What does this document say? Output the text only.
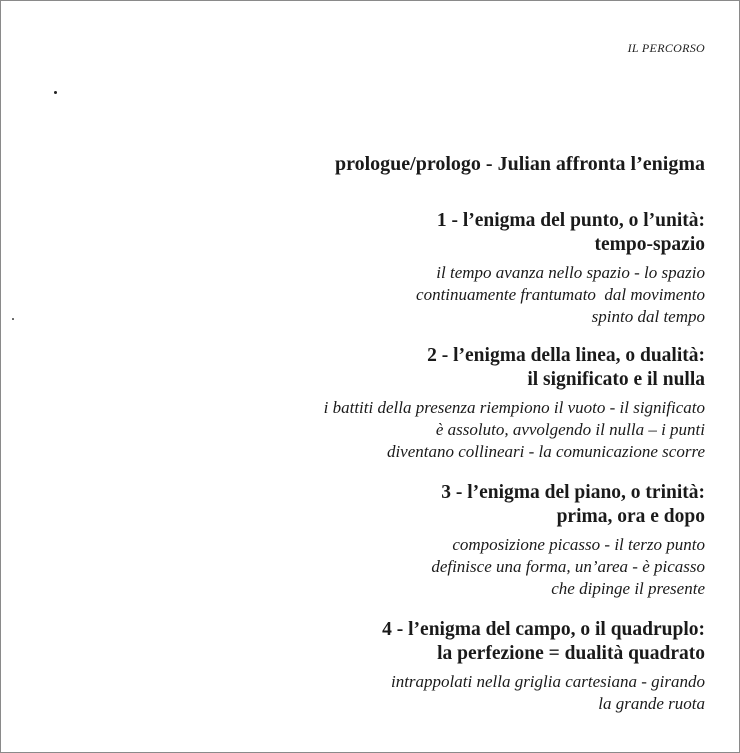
IL PERCORSO

prologue/prologo - Julian affronta l’enigma

1 - l’enigma del punto, o l’unità:
tempo-spazio

il tempo avanza nello spazio - lo spazio
continuamente frantumato  dal movimento
spinto dal tempo

2 - l’enigma della linea, o dualità:
il significato e il nulla

i battiti della presenza riempiono il vuoto - il significato
è assoluto, avvolgendo il nulla – i punti
diventano collineari - la comunicazione scorre

3 - l’enigma del piano, o trinità:
prima, ora e dopo

composizione picasso - il terzo punto
definisce una forma, un’area - è picasso
che dipinge il presente

4 - l’enigma del campo, o il quadruplo:
la perfezione = dualità quadrato

intrappolati nella griglia cartesiana - girando
la grande ruota
